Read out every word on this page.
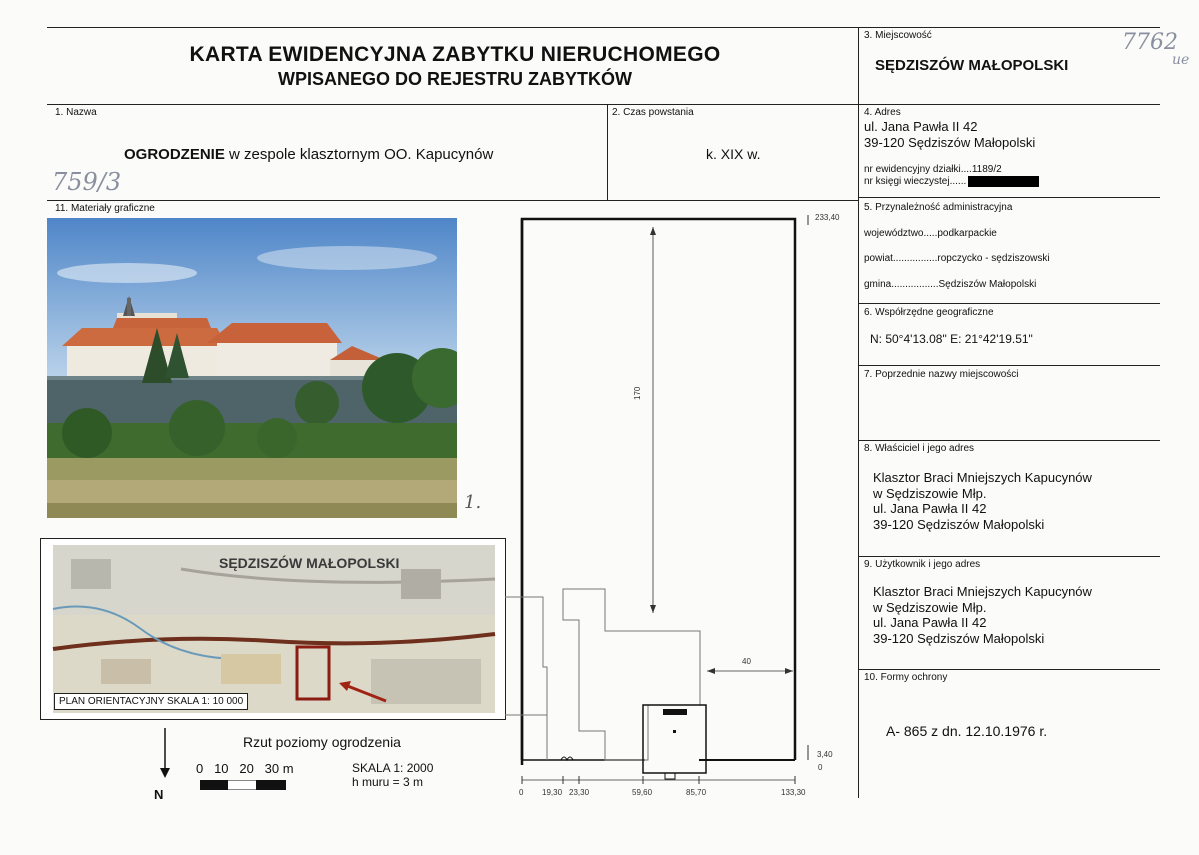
KARTA EWIDENCYJNA ZABYTKU NIERUCHOMEGO
WPISANEGO DO REJESTRU ZABYTKÓW
3. Miejscowość
SĘDZISZÓW MAŁOPOLSKI
7762
ue
1. Nazwa
OGRODZENIE w zespole klasztornym OO. Kapucynów
759/3
2. Czas powstania
k. XIX w.
4. Adres
ul. Jana Pawła II 42
39-120 Sędziszów Małopolski
nr ewidencyjny działki....1189/2
nr księgi wieczystej......
11. Materiały graficzne
1.
SĘDZISZÓW MAŁOPOLSKI
PLAN ORIENTACYJNY SKALA 1: 10 000
233,40
170
40
3,40
0
0 19,30 23,30	59,60	85,70	133,30
Rzut poziomy ogrodzenia
0   10   20   30 m	SKALA 1: 2000
h muru = 3 m
N
5. Przynależność administracyjna
województwo.....podkarpackie
powiat................ropczycko - sędziszowski
gmina.................Sędziszów Małopolski
6. Współrzędne geograficzne
N: 50°4'13.08" E: 21°42'19.51"
7. Poprzednie nazwy miejscowości
8. Właściciel i jego adres
Klasztor Braci Mniejszych Kapucynów
w Sędziszowie Młp.
ul. Jana Pawła II 42
39-120 Sędziszów Małopolski
9. Użytkownik i jego adres
Klasztor Braci Mniejszych Kapucynów
w Sędziszowie Młp.
ul. Jana Pawła II 42
39-120 Sędziszów Małopolski
10. Formy ochrony
A- 865 z dn. 12.10.1976 r.
